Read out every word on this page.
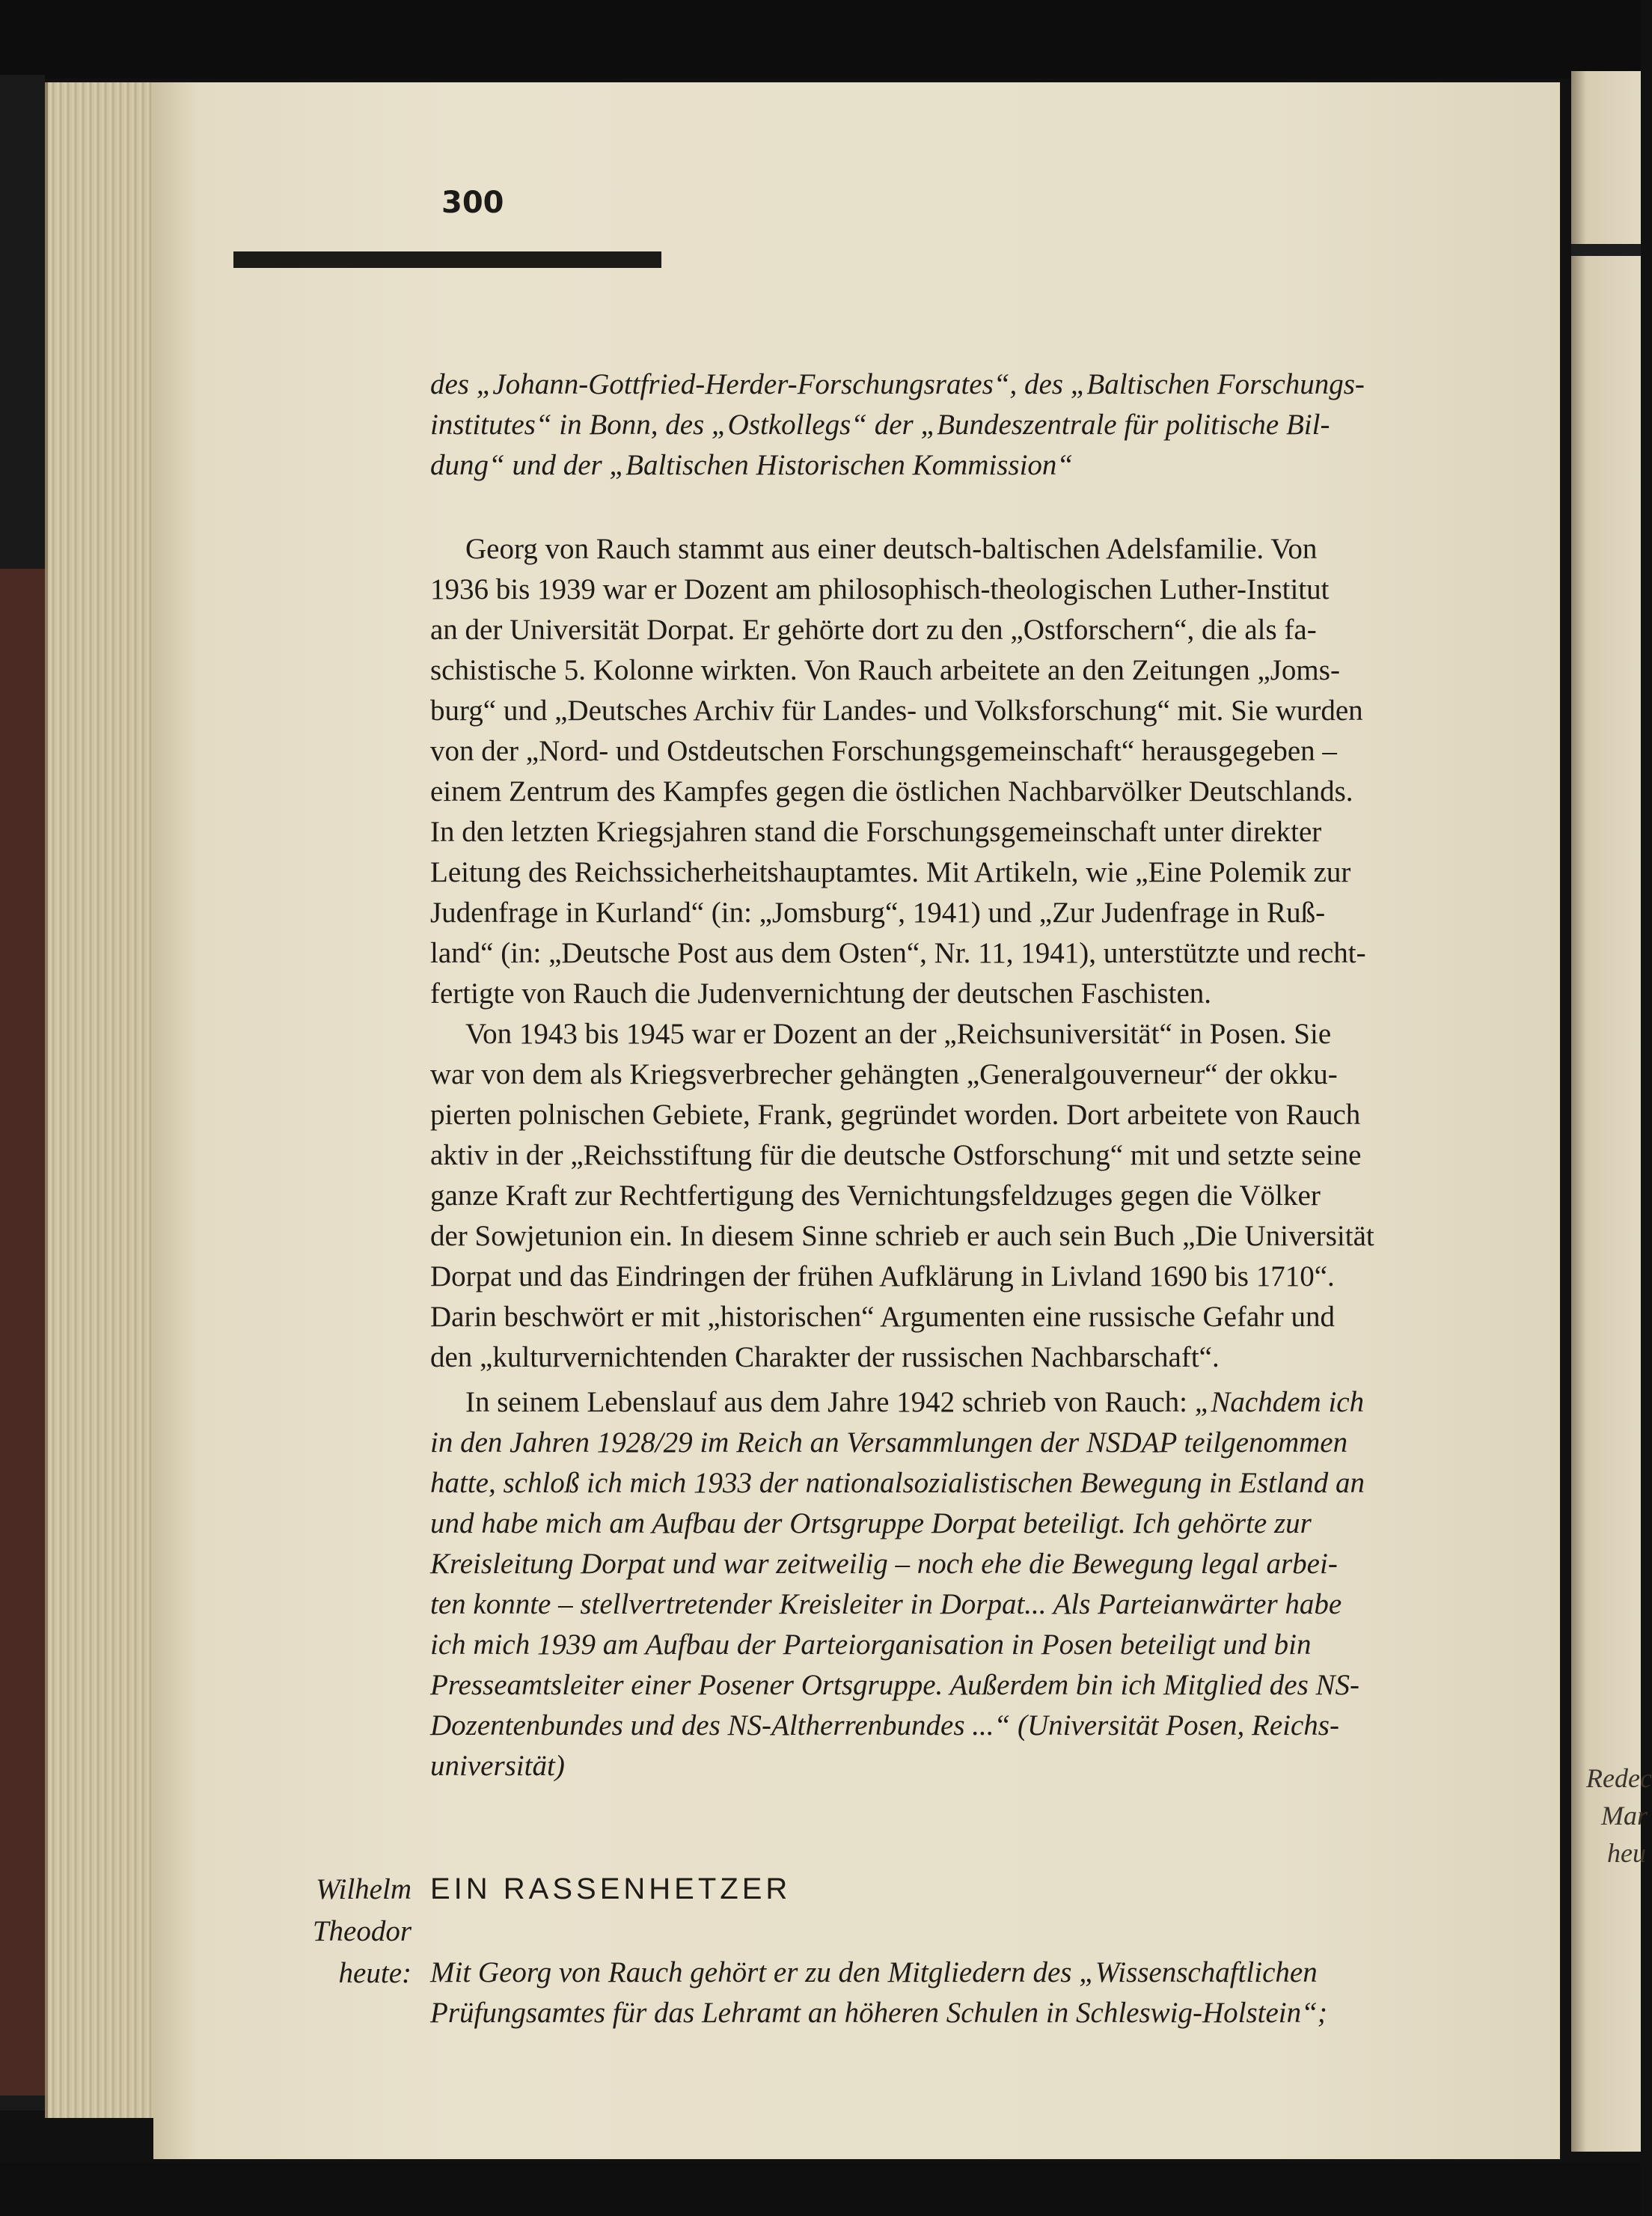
Redec
Mar
heu
300
des „Johann-Gottfried-Herder-Forschungsrates“, des „Baltischen Forschungs-
institutes“ in Bonn, des „Ostkollegs“ der „Bundeszentrale für politische Bil-
dung“ und der „Baltischen Historischen Kommission“
Georg von Rauch stammt aus einer deutsch-baltischen Adelsfamilie. Von
1936 bis 1939 war er Dozent am philosophisch-theologischen Luther-Institut
an der Universität Dorpat. Er gehörte dort zu den „Ostforschern“, die als fa-
schistische 5. Kolonne wirkten. Von Rauch arbeitete an den Zeitungen „Joms-
burg“ und „Deutsches Archiv für Landes- und Volksforschung“ mit. Sie wurden
von der „Nord- und Ostdeutschen Forschungsgemeinschaft“ herausgegeben –
einem Zentrum des Kampfes gegen die östlichen Nachbarvölker Deutschlands.
In den letzten Kriegsjahren stand die Forschungsgemeinschaft unter direkter
Leitung des Reichssicherheitshauptamtes. Mit Artikeln, wie „Eine Polemik zur
Judenfrage in Kurland“ (in: „Jomsburg“, 1941) und „Zur Judenfrage in Ruß-
land“ (in: „Deutsche Post aus dem Osten“, Nr. 11, 1941), unterstützte und recht-
fertigte von Rauch die Judenvernichtung der deutschen Faschisten.
Von 1943 bis 1945 war er Dozent an der „Reichsuniversität“ in Posen. Sie
war von dem als Kriegsverbrecher gehängten „Generalgouverneur“ der okku-
pierten polnischen Gebiete, Frank, gegründet worden. Dort arbeitete von Rauch
aktiv in der „Reichsstiftung für die deutsche Ostforschung“ mit und setzte seine
ganze Kraft zur Rechtfertigung des Vernichtungsfeldzuges gegen die Völker
der Sowjetunion ein. In diesem Sinne schrieb er auch sein Buch „Die Universität
Dorpat und das Eindringen der frühen Aufklärung in Livland 1690 bis 1710“.
Darin beschwört er mit „historischen“ Argumenten eine russische Gefahr und
den „kulturvernichtenden Charakter der russischen Nachbarschaft“.
In seinem Lebenslauf aus dem Jahre 1942 schrieb von Rauch: „Nachdem ich
in den Jahren 1928/29 im Reich an Versammlungen der NSDAP teilgenommen
hatte, schloß ich mich 1933 der nationalsozialistischen Bewegung in Estland an
und habe mich am Aufbau der Ortsgruppe Dorpat beteiligt. Ich gehörte zur
Kreisleitung Dorpat und war zeitweilig – noch ehe die Bewegung legal arbei-
ten konnte – stellvertretender Kreisleiter in Dorpat... Als Parteianwärter habe
ich mich 1939 am Aufbau der Parteiorganisation in Posen beteiligt und bin
Presseamtsleiter einer Posener Ortsgruppe. Außerdem bin ich Mitglied des NS-
Dozentenbundes und des NS-Altherrenbundes ...“ (Universität Posen, Reichs-
universität)
Wilhelm
Theodor
heute:
EIN RASSENHETZER
Mit Georg von Rauch gehört er zu den Mitgliedern des „Wissenschaftlichen
Prüfungsamtes für das Lehramt an höheren Schulen in Schleswig-Holstein“;
